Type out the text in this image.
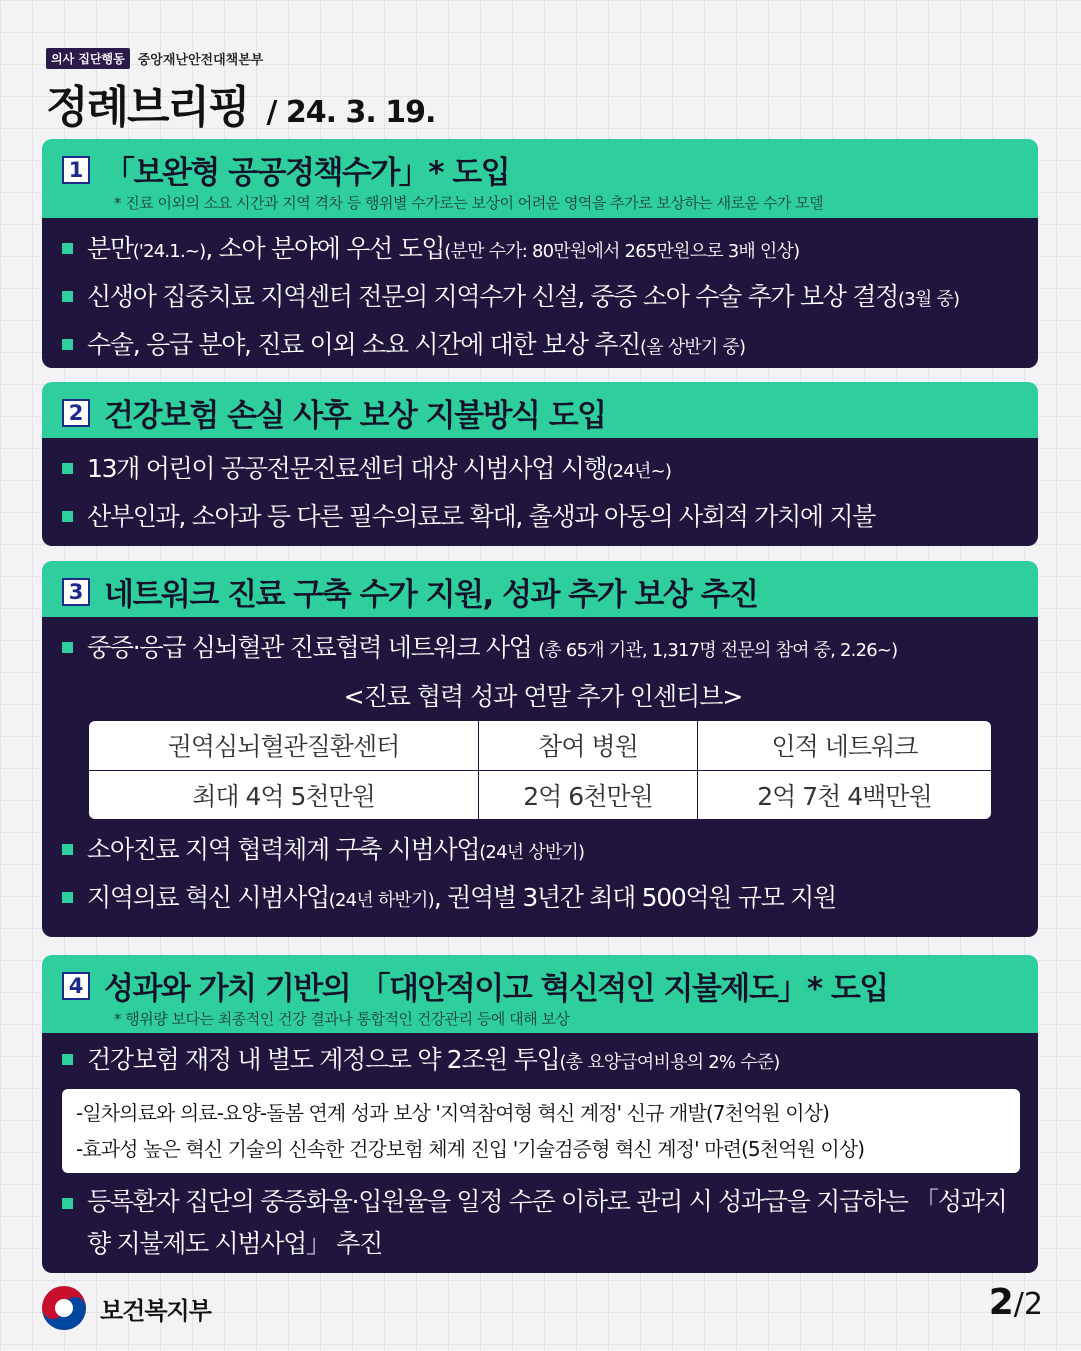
의사 집단행동	중앙재난안전대책본부
정례브리핑 / 24. 3. 19.
1 「보완형 공공정책수가」* 도입
* 진료 이외의 소요 시간과 지역 격차 등 행위별 수가로는 보상이 어려운 영역을 추가로 보상하는 새로운 수가 모델
분만('24.1.~), 소아 분야에 우선 도입(분만 수가: 80만원에서 265만원으로 3배 인상)
신생아 집중치료 지역센터 전문의 지역수가 신설, 중증 소아 수술 추가 보상 결정(3월 중)
수술, 응급 분야, 진료 이외 소요 시간에 대한 보상 추진(올 상반기 중)
2 건강보험 손실 사후 보상 지불방식 도입
13개 어린이 공공전문진료센터 대상 시범사업 시행(24년~)
산부인과, 소아과 등 다른 필수의료로 확대, 출생과 아동의 사회적 가치에 지불
3 네트워크 진료 구축 수가 지원, 성과 추가 보상 추진
중증·응급 심뇌혈관 진료협력 네트워크 사업 (총 65개 기관, 1,317명 전문의 참여 중, 2.26~)
<진료 협력 성과 연말 추가 인센티브>
권역심뇌혈관질환센터	참여 병원	인적 네트워크
최대 4억 5천만원	2억 6천만원	2억 7천 4백만원
소아진료 지역 협력체계 구축 시범사업(24년 상반기)
지역의료 혁신 시범사업(24년 하반기), 권역별 3년간 최대 500억원 규모 지원
4 성과와 가치 기반의 「대안적이고 혁신적인 지불제도」* 도입
* 행위량 보다는 최종적인 건강 결과나 통합적인 건강관리 등에 대해 보상
건강보험 재정 내 별도 계정으로 약 2조원 투입(총 요양급여비용의 2% 수준)
-일차의료와 의료-요양-돌봄 연계 성과 보상 '지역참여형 혁신 계정' 신규 개발(7천억원 이상)
-효과성 높은 혁신 기술의 신속한 건강보험 체계 진입 '기술검증형 혁신 계정' 마련(5천억원 이상)
등록환자 집단의 중증화율·입원율을 일정 수준 이하로 관리 시 성과급을 지급하는 「성과지향 지불제도 시범사업」 추진
보건복지부	2/2
